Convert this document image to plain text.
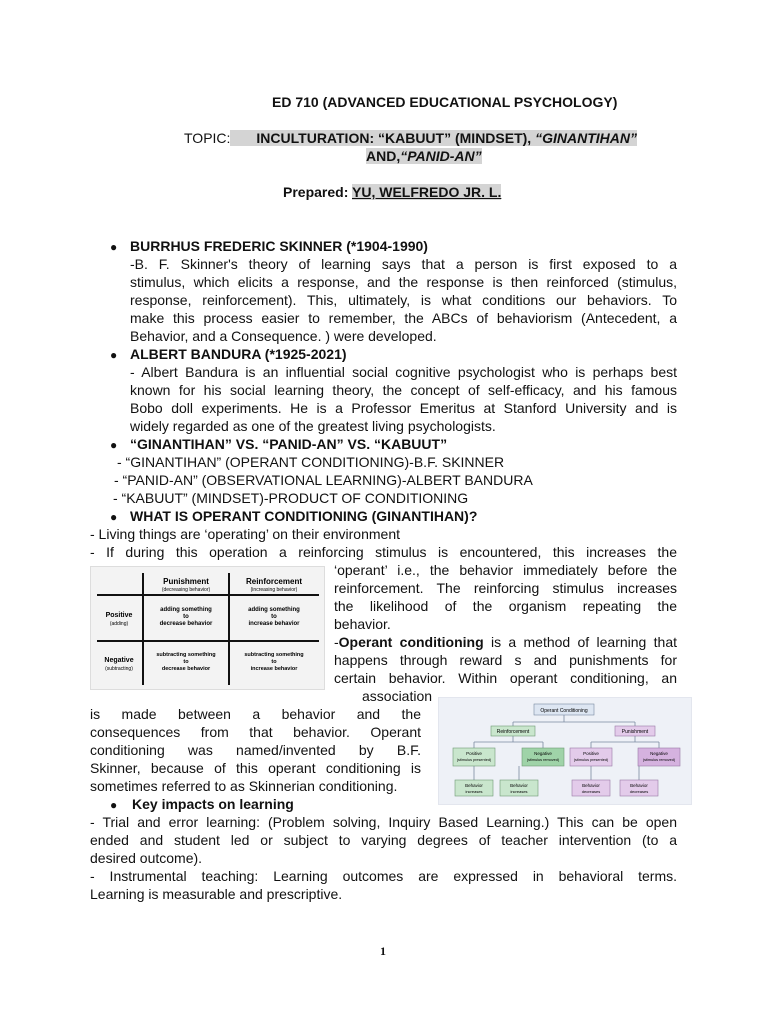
ED 710 (ADVANCED EDUCATIONAL PSYCHOLOGY)
TOPIC: INCULTURATION: “KABUUT” (MINDSET), “GINANTIHAN”
AND,“PANID-AN”
Prepared: YU, WELFREDO JR. L.
● BURRHUS FREDERIC SKINNER (*1904-1990)
-B. F. Skinner's theory of learning says that a person is first exposed to a
stimulus, which elicits a response, and the response is then reinforced (stimulus,
response, reinforcement). This, ultimately, is what conditions our behaviors. To
make this process easier to remember, the ABCs of behaviorism (Antecedent, a
Behavior, and a Consequence. ) were developed.
● ALBERT BANDURA (*1925-2021)
- Albert Bandura is an influential social cognitive psychologist who is perhaps best
known for his social learning theory, the concept of self-efficacy, and his famous
Bobo doll experiments. He is a Professor Emeritus at Stanford University and is
widely regarded as one of the greatest living psychologists.
● “GINANTIHAN” VS. “PANID-AN” VS. “KABUUT”
- “GINANTIHAN” (OPERANT CONDITIONING)-B.F. SKINNER
- “PANID-AN” (OBSERVATIONAL LEARNING)-ALBERT BANDURA
- “KABUUT” (MINDSET)-PRODUCT OF CONDITIONING
● WHAT IS OPERANT CONDITIONING (GINANTIHAN)?
- Living things are ‘operating’ on their environment
- If during this operation a reinforcing stimulus is encountered, this increases the
‘operant’ i.e., the behavior immediately before the
reinforcement. The reinforcing stimulus increases
the likelihood of the organism repeating the
behavior.
-Operant conditioning is a method of learning that
happens through reward s and punishments for
certain behavior. Within operant conditioning, an
association
is made between a behavior and the
consequences from that behavior. Operant
conditioning was named/invented by B.F.
Skinner, because of this operant conditioning is
sometimes referred to as Skinnerian conditioning.
Punishment
(decreasing behavior)
Reinforcement
(increasing behavior)
Positive
(adding)
Negative
(subtracting)
adding something
to
decrease behavior
adding something
to
increase behavior
subtracting something
to
decrease behavior
subtracting something
to
increase behavior
Operant Conditioning
Reinforcement	Punishment
Positive
(stimulus presented)
Negative
(stimulus removed)
Positive
(stimulus presented)
Negative
(stimulus removed)
Behavior
increases
Behavior
increases
Behavior
decreases
Behavior
decreases
● Key impacts on learning
- Trial and error learning: (Problem solving, Inquiry Based Learning.) This can be open
ended and student led or subject to varying degrees of teacher intervention (to a
desired outcome).
- Instrumental teaching: Learning outcomes are expressed in behavioral terms.
Learning is measurable and prescriptive.
1
